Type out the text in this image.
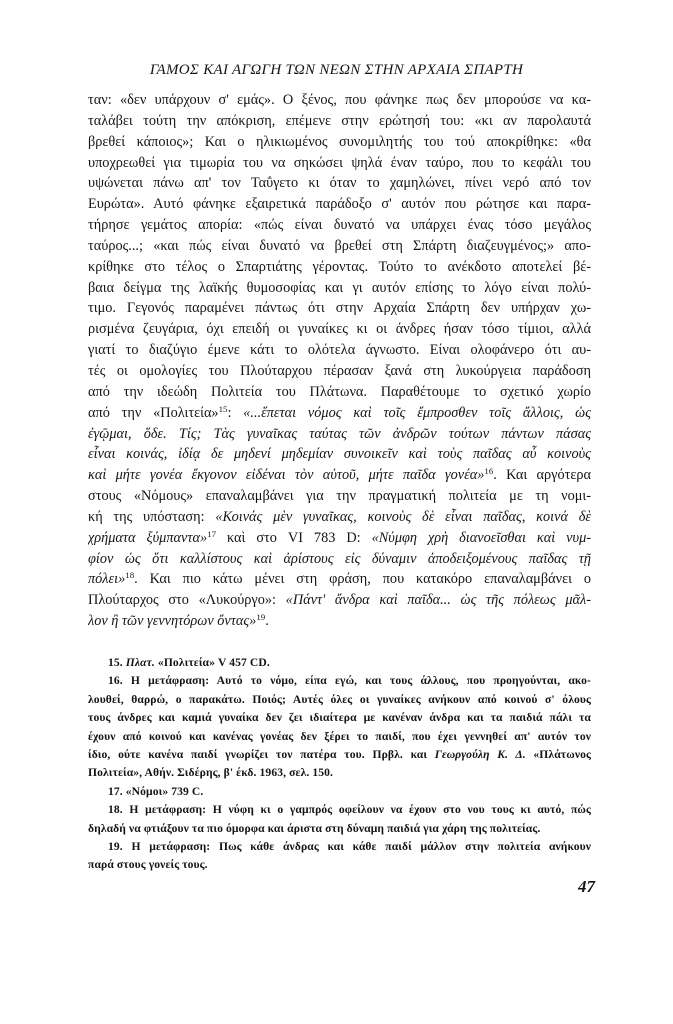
ΓΑΜΟΣ ΚΑΙ ΑΓΩΓΗ ΤΩΝ ΝΕΩΝ ΣΤΗΝ ΑΡΧΑΙΑ ΣΠΑΡΤΗ
ταν: «δεν υπάρχουν σ' εμάς». Ο ξένος, που φάνηκε πως δεν μπορούσε να κα-
ταλάβει τούτη την απόκριση, επέμενε στην ερώτησή του: «κι αν παρολαυτά
βρεθεί κάποιος»; Και ο ηλικιωμένος συνομιλητής του τού αποκρίθηκε: «θα
υποχρεωθεί για τιμωρία του να σηκώσει ψηλά έναν ταύρο, που το κεφάλι του
υψώνεται πάνω απ' τον Ταΰγετο κι όταν το χαμηλώνει, πίνει νερό από τον
Ευρώτα». Αυτό φάνηκε εξαιρετικά παράδοξο σ' αυτόν που ρώτησε και παρα-
τήρησε γεμάτος απορία: «πώς είναι δυνατό να υπάρχει ένας τόσο μεγάλος
ταύρος...; «και πώς είναι δυνατό να βρεθεί στη Σπάρτη διαζευγμένος;» απο-
κρίθηκε στο τέλος ο Σπαρτιάτης γέροντας. Τούτο το ανέκδοτο αποτελεί βέ-
βαια δείγμα της λαϊκής θυμοσοφίας και γι αυτόν επίσης το λόγο είναι πολύ-
τιμο. Γεγονός παραμένει πάντως ότι στην Αρχαία Σπάρτη δεν υπήρχαν χω-
ρισμένα ζευγάρια, όχι επειδή οι γυναίκες κι οι άνδρες ήσαν τόσο τίμιοι, αλλά
γιατί το διαζύγιο έμενε κάτι το ολότελα άγνωστο. Είναι ολοφάνερο ότι αυ-
τές οι ομολογίες του Πλούταρχου πέρασαν ξανά στη λυκούργεια παράδοση
από την ιδεώδη Πολιτεία του Πλάτωνα. Παραθέτουμε το σχετικό χωρίο
από την «Πολιτεία»$^{15}$: «...ἕπεται νόμος καὶ τοῖς ἔμπροσθεν τοῖς ἄλλοις, ὡς
ἐγῷμαι, ὅδε. Τίς; Τὰς γυναῖκας ταύτας τῶν ἀνδρῶν τούτων πάντων πάσας
εἶναι κοινάς, ἰδίᾳ δε μηδενί μηδεμίαν συνοικεῖν καὶ τοὺς παῖδας αὖ κοινοὺς
καὶ μήτε γονέα ἔκγονον εἰδέναι τὸν αὑτοῦ, μήτε παῖδα γονέα»$^{16}$. Και αργότερα
στους «Νόμους» επαναλαμβάνει για την πραγματική πολιτεία με τη νομι-
κή της υπόσταση: «Κοινάς μὲν γυναῖκας, κοινοὺς δὲ εἶναι παῖδας, κοινά δὲ
χρήματα ξύμπαντα»$^{17}$ καὶ στο VI 783 D: «Νύμφη χρὴ διανοεῖσθαι καὶ νυμ-
φίον ὡς ὅτι καλλίστους καὶ ἀρίστους εἰς δύναμιν ἀποδειξομένους παῖδας τῇ
πόλει»$^{18}$. Και πιο κάτω μένει στη φράση, που κατακόρο επαναλαμβάνει ο
Πλούταρχος στο «Λυκούργο»: «Πάντ' ἄνδρα καὶ παῖδα... ὡς τῆς πόλεως μᾶλ-
λον ἢ τῶν γεννητόρων ὄντας»$^{19}$.
15. Πλατ. «Πολιτεία» V 457 CD.
16. Η μετάφραση: Αυτό το νόμο, είπα εγώ, και τους άλλους, που προηγούνται, ακο-
λουθεί, θαρρώ, ο παρακάτω. Ποιός; Αυτές όλες οι γυναίκες ανήκουν από κοινού σ' όλους
τους άνδρες και καμιά γυναίκα δεν ζει ιδιαίτερα με κανέναν άνδρα και τα παιδιά πάλι τα
έχουν από κοινού και κανένας γονέας δεν ξέρει το παιδί, που έχει γεννηθεί απ' αυτόν τον
ίδιο, ούτε κανένα παιδί γνωρίζει τον πατέρα του. Πρβλ. και Γεωργούλη Κ. Δ. «Πλάτωνος
Πολιτεία», Αθήν. Σιδέρης, β' έκδ. 1963, σελ. 150.
17. «Νόμοι» 739 C.
18. Η μετάφραση: Η νύφη κι ο γαμπρός οφείλουν να έχουν στο νου τους κι αυτό, πώς
δηλαδή να φτιάξουν τα πιο όμορφα και άριστα στη δύναμη παιδιά για χάρη της πολιτείας.
19. Η μετάφραση: Πως κάθε άνδρας και κάθε παιδί μάλλον στην πολιτεία ανήκουν
παρά στους γονείς τους.
47
